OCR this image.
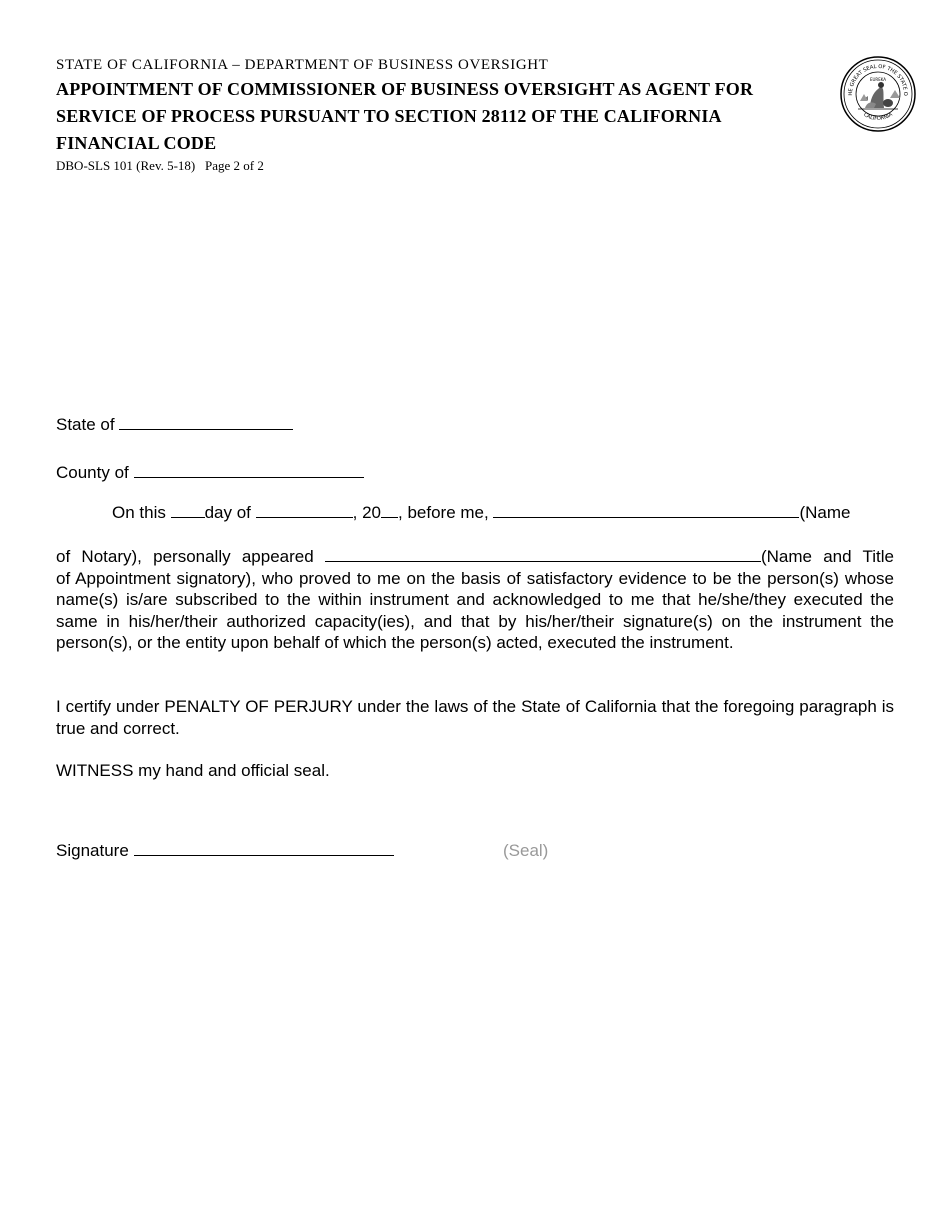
STATE OF CALIFORNIA – DEPARTMENT OF BUSINESS OVERSIGHT
APPOINTMENT OF COMMISSIONER OF BUSINESS OVERSIGHT AS AGENT FOR SERVICE OF PROCESS PURSUANT TO SECTION 28112 OF THE CALIFORNIA FINANCIAL CODE
DBO-SLS 101 (Rev. 5-18) Page 2 of 2
HE GREAT SEAL OF THE STATE O
CALIFORNIA
EUREKA
State of
County of
On this day of	, 20 , before me,	(Name
of Notary), personally appeared	(Name and Title
of Appointment signatory), who proved to me on the basis of satisfactory evidence to be the person(s) whose name(s) is/are subscribed to the within instrument and acknowledged to me that he/she/they executed the same in his/her/their authorized capacity(ies), and that by his/her/their signature(s) on the instrument the person(s), or the entity upon behalf of which the person(s) acted, executed the instrument.
I certify under PENALTY OF PERJURY under the laws of the State of California that the foregoing paragraph is true and correct.
WITNESS my hand and official seal.
Signature	(Seal)
